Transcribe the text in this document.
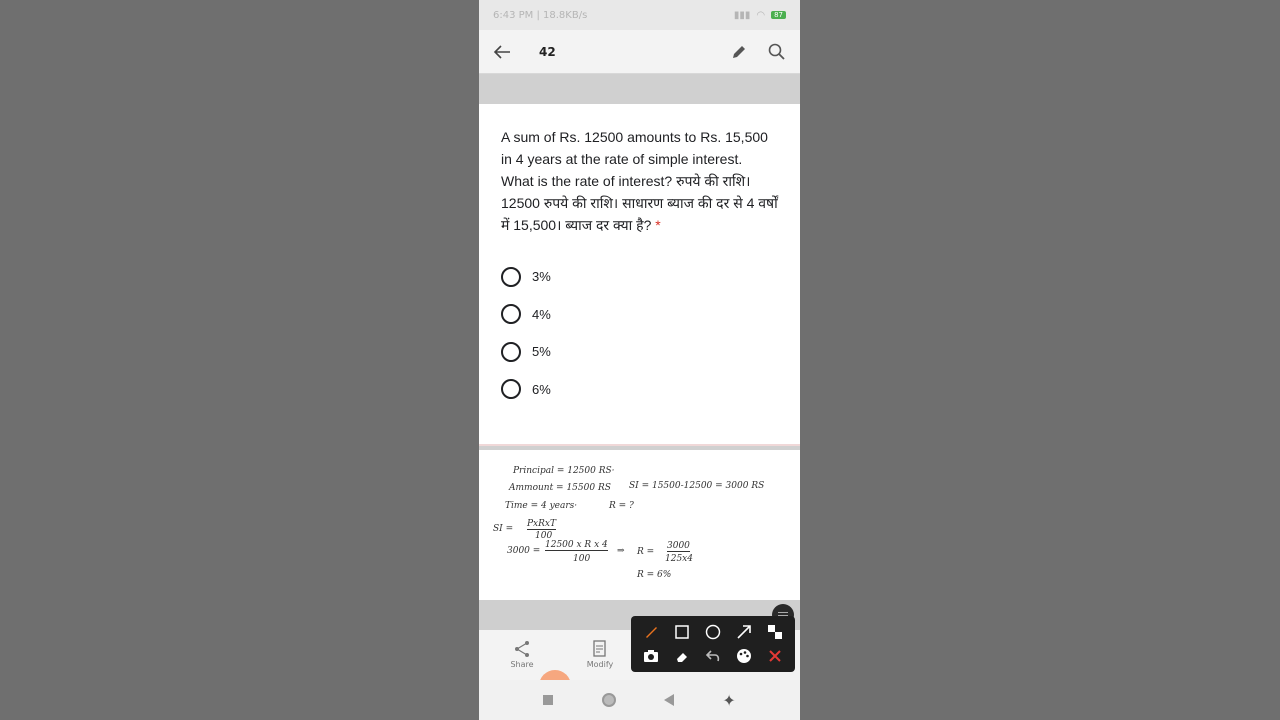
6:43 PM | 18.8KB/s	▮▮▮ ◠	87
42

A sum of Rs. 12500 amounts to Rs. 15,500 in 4 years at the rate of simple interest. What is the rate of interest? रुपये की राशि। 12500 रुपये की राशि। साधारण ब्याज की दर से 4 वर्षों में 15,500। ब्याज दर क्या है? *

3%
4%
5%
6%
Principal = 12500 RS·
Ammount = 15500 RS SI = 15500-12500 = 3000 RS
Time = 4 years·	R = ?
SI = PxRxT
100
3000 =
12500 x R x 4
100
⇒ R =
3000
125x4
R = 6%
Share	Modify
✦
